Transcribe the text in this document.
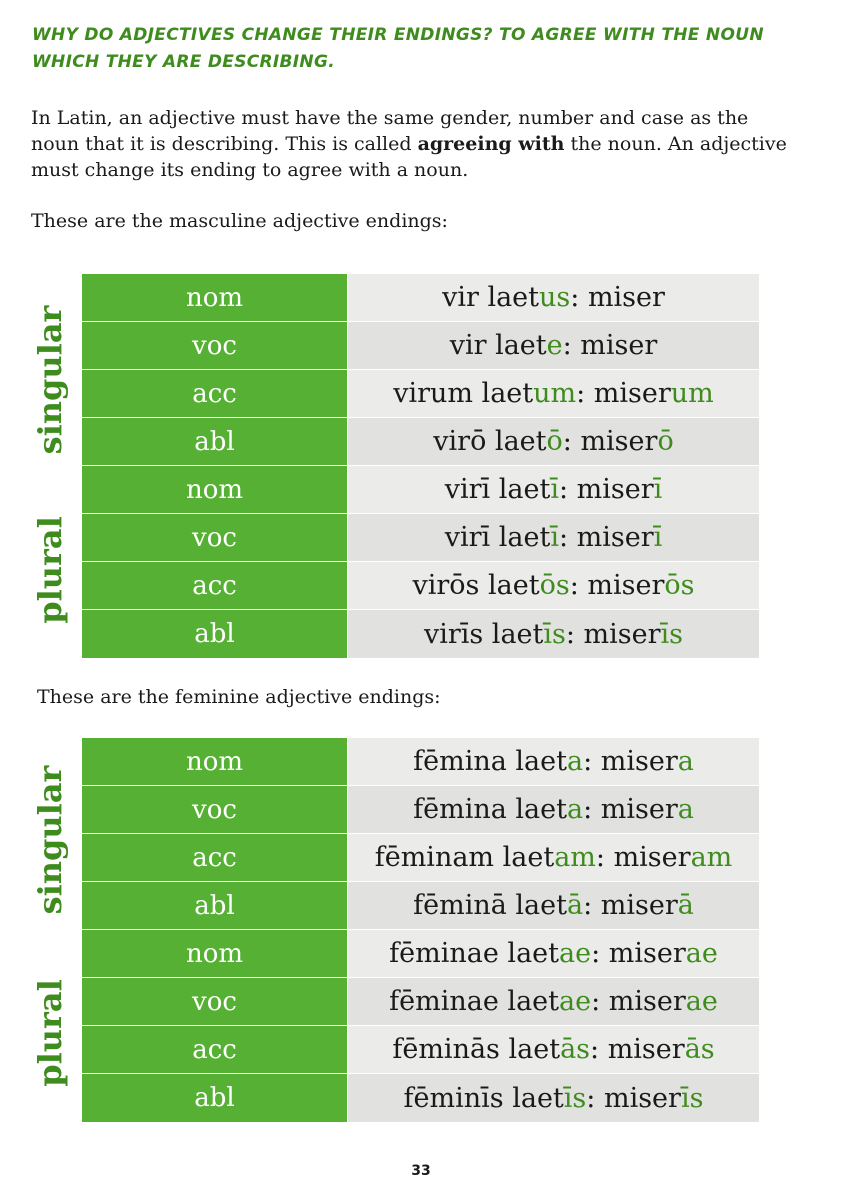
WHY DO ADJECTIVES CHANGE THEIR ENDINGS? TO AGREE WITH THE NOUN WHICH THEY ARE DESCRIBING.

In Latin, an adjective must have the same gender, number and case as the noun that it is describing. This is called agreeing with the noun. An adjective must change its ending to agree with a noun.

These are the masculine adjective endings:

singular
plural
nom	vir laet us : miser
voc	vir laet e : miser
acc	virum laet um : miser um
abl	virō laet ō : miser ō
nom	virī laet ī : miser ī
voc	virī laet ī : miser ī
acc	virōs laet ōs : miser ōs
abl	virīs laet īs : miser īs

These are the feminine adjective endings:

singular
plural
nom	fēmina laet a : miser a
voc	fēmina laet a : miser a
acc	fēminam laet am : miser am
abl	fēminā laet ā : miser ā
nom	fēminae laet ae : miser ae
voc	fēminae laet ae : miser ae
acc	fēminās laet ās : miser ās
abl	fēminīs laet īs : miser īs
33
